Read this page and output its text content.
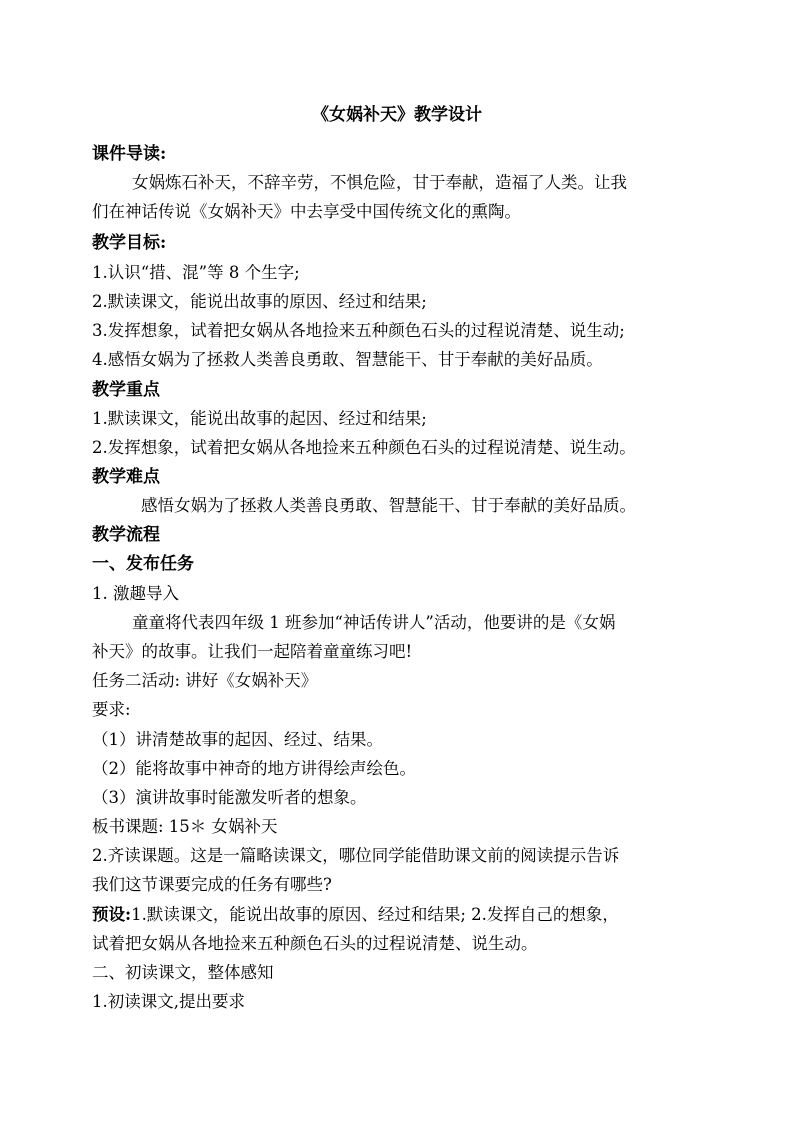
《女娲补天》教学设计
课件导读:
女娲炼石补天，不辞辛劳，不惧危险，甘于奉献，造福了人类。让我
们在神话传说《女娲补天》中去享受中国传统文化的熏陶。
教学目标:
1.认识“措、混”等 8 个生字;
2.默读课文，能说出故事的原因、经过和结果;
3.发挥想象，试着把女娲从各地捡来五种颜色石头的过程说清楚、说生动;
4.感悟女娲为了拯救人类善良勇敢、智慧能干、甘于奉献的美好品质。
教学重点
1.默读课文，能说出故事的起因、经过和结果;
2.发挥想象，试着把女娲从各地捡来五种颜色石头的过程说清楚、说生动。
教学难点
感悟女娲为了拯救人类善良勇敢、智慧能干、甘于奉献的美好品质。
教学流程
一、发布任务
1. 激趣导入
童童将代表四年级 1 班参加“神话传讲人”活动，他要讲的是《女娲
补天》的故事。让我们一起陪着童童练习吧!
任务二活动: 讲好《女娲补天》
要求:
（1）讲清楚故事的起因、经过、结果。
（2）能将故事中神奇的地方讲得绘声绘色。
（3）演讲故事时能激发听者的想象。
板书课题: 15＊ 女娲补天
2.齐读课题。这是一篇略读课文，哪位同学能借助课文前的阅读提示告诉
我们这节课要完成的任务有哪些?
预设:1.默读课文，能说出故事的原因、经过和结果; 2.发挥自己的想象，
试着把女娲从各地捡来五种颜色石头的过程说清楚、说生动。
二、初读课文，整体感知
1.初读课文,提出要求
